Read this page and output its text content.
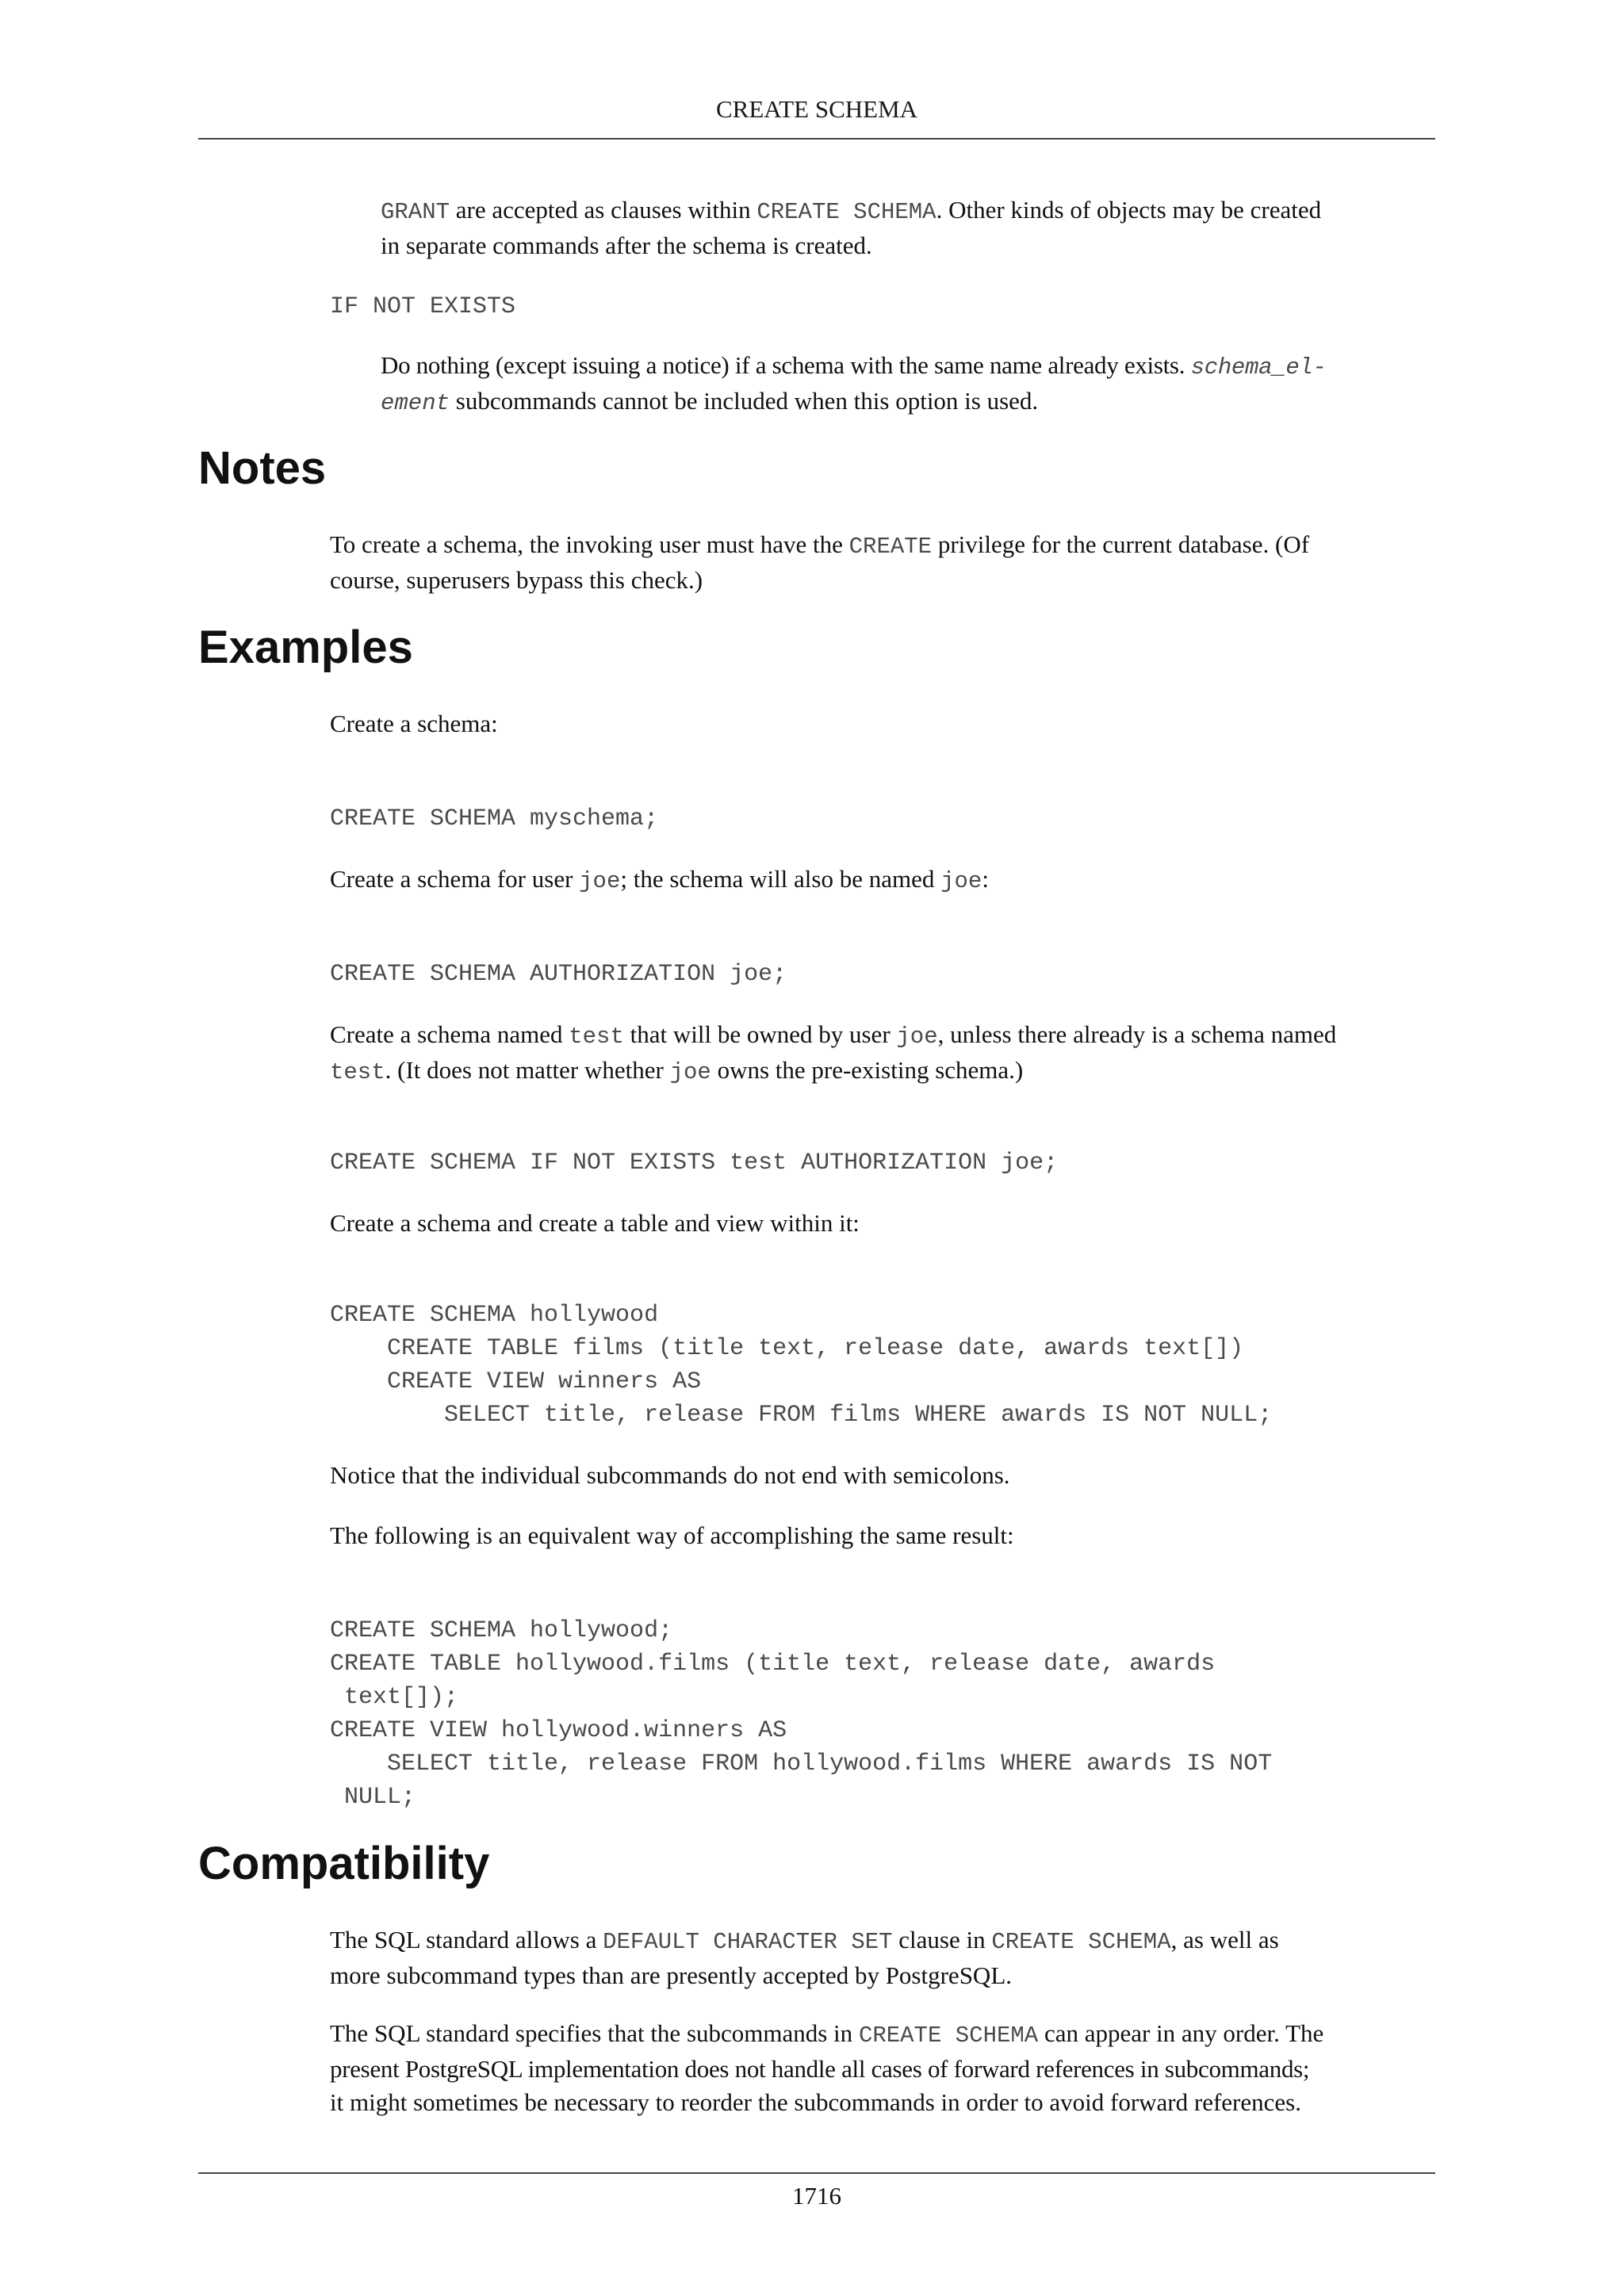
CREATE SCHEMA

GRANT are accepted as clauses within CREATE SCHEMA. Other kinds of objects may be created

in separate commands after the schema is created.

IF NOT EXISTS

Do nothing (except issuing a notice) if a schema with the same name already exists. schema_el-

ement subcommands cannot be included when this option is used.

Notes

To create a schema, the invoking user must have the CREATE privilege for the current database. (Of

course, superusers bypass this check.)

Examples

Create a schema:

CREATE SCHEMA myschema;

Create a schema for user joe; the schema will also be named joe:

CREATE SCHEMA AUTHORIZATION joe;

Create a schema named test that will be owned by user joe, unless there already is a schema named

test. (It does not matter whether joe owns the pre-existing schema.)

CREATE SCHEMA IF NOT EXISTS test AUTHORIZATION joe;

Create a schema and create a table and view within it:

CREATE SCHEMA hollywood
CREATE TABLE films (title text, release date, awards text[])
CREATE VIEW winners AS
SELECT title, release FROM films WHERE awards IS NOT NULL;

Notice that the individual subcommands do not end with semicolons.

The following is an equivalent way of accomplishing the same result:

CREATE SCHEMA hollywood;
CREATE TABLE hollywood.films (title text, release date, awards
text[]);
CREATE VIEW hollywood.winners AS
SELECT title, release FROM hollywood.films WHERE awards IS NOT
NULL;
Compatibility

The SQL standard allows a DEFAULT CHARACTER SET clause in CREATE SCHEMA, as well as

more subcommand types than are presently accepted by PostgreSQL.

The SQL standard specifies that the subcommands in CREATE SCHEMA can appear in any order. The

present PostgreSQL implementation does not handle all cases of forward references in subcommands;

it might sometimes be necessary to reorder the subcommands in order to avoid forward references.

1716
